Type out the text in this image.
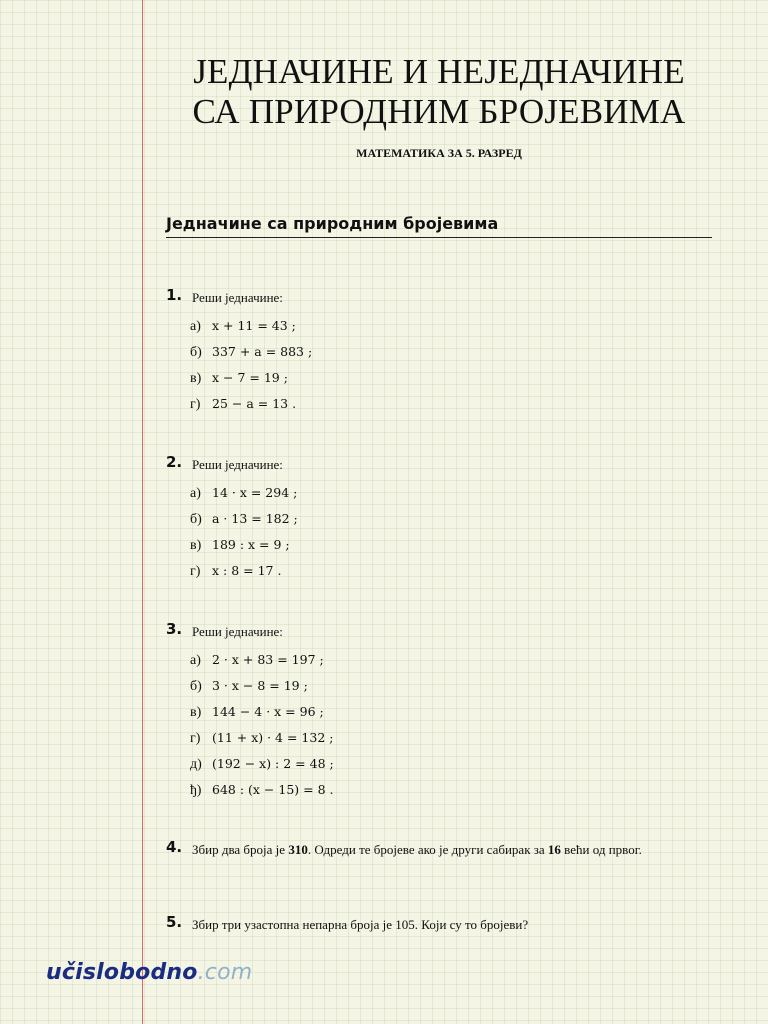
ЈЕДНАЧИНЕ И НЕЈЕДНАЧИНЕ
СА ПРИРОДНИМ БРОЈЕВИМА
МАТЕМАТИКА ЗА 5. РАЗРЕД
Једначине са природним бројевима
1. Реши једначине:
а) x + 11 = 43 ;
б) 337 + a = 883 ;
в) x − 7 = 19 ;
г) 25 − a = 13 .
2. Реши једначине:
а) 14 · x = 294 ;
б) a · 13 = 182 ;
в) 189 : x = 9 ;
г) x : 8 = 17 .
3. Реши једначине:
а) 2 · x + 83 = 197 ;
б) 3 · x − 8 = 19 ;
в) 144 − 4 · x = 96 ;
г) (11 + x) · 4 = 132 ;
д) (192 − x) : 2 = 48 ;
ђ) 648 : (x − 15) = 8 .
4. Збир два броја је 310. Одреди те бројеве ако је други сабирак за 16 већи од првог.
5. Збир три узастопна непарна броја је 105. Који су то бројеви?
učislobodno.com
